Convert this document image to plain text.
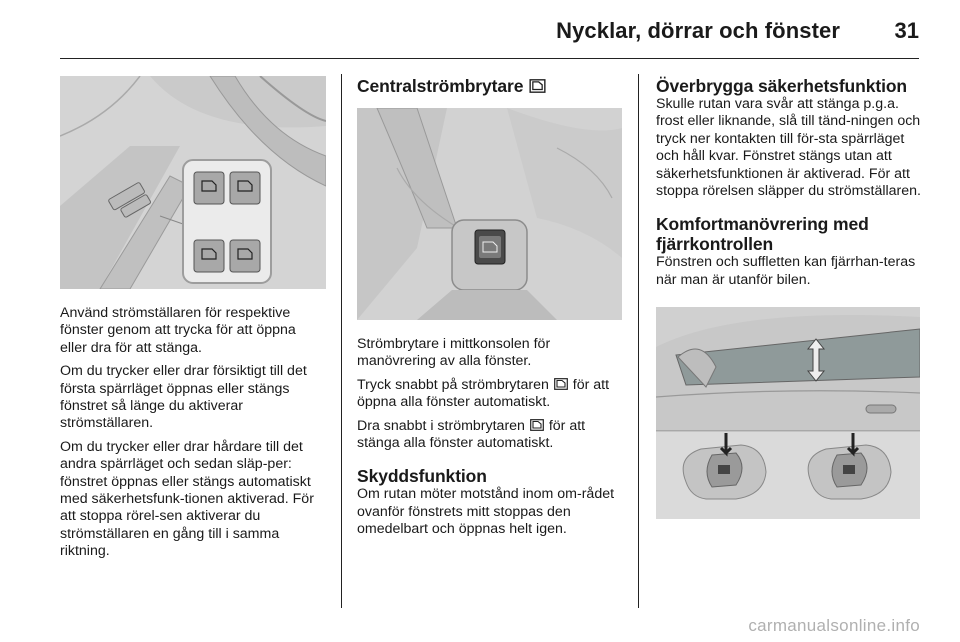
Nycklar, dörrar och fönster 31

Använd strömställaren för respektive fönster genom att trycka för att öppna eller dra för att stänga.

Om du trycker eller drar försiktigt till det första spärrläget öppnas eller stängs fönstret så länge du aktiverar strömställaren.

Om du trycker eller drar hårdare till det andra spärrläget och sedan släp-per: fönstret öppnas eller stängs automatiskt med säkerhetsfunk-tionen aktiverad. För att stoppa rörel-sen aktiverar du strömställaren en gång till i samma riktning.

Centralströmbrytare

Strömbrytare i mittkonsolen för manövrering av alla fönster.

Tryck snabbt på strömbrytaren  för att öppna alla fönster automatiskt.

Dra snabbt i strömbrytaren  för att stänga alla fönster automatiskt.

Skyddsfunktion

Om rutan möter motstånd inom om-rådet ovanför fönstrets mitt stoppas den omedelbart och öppnas helt igen.

Överbrygga säkerhetsfunktion

Skulle rutan vara svår att stänga p.g.a. frost eller liknande, slå till tänd-ningen och tryck ner kontakten till för-sta spärrläget och håll kvar. Fönstret stängs utan att säkerhetsfunktionen är aktiverad. För att stoppa rörelsen släpper du strömställaren.

Komfortmanövrering med
fjärrkontrollen

Fönstren och suffletten kan fjärrhan-teras när man är utanför bilen.

carmanualsonline.info
